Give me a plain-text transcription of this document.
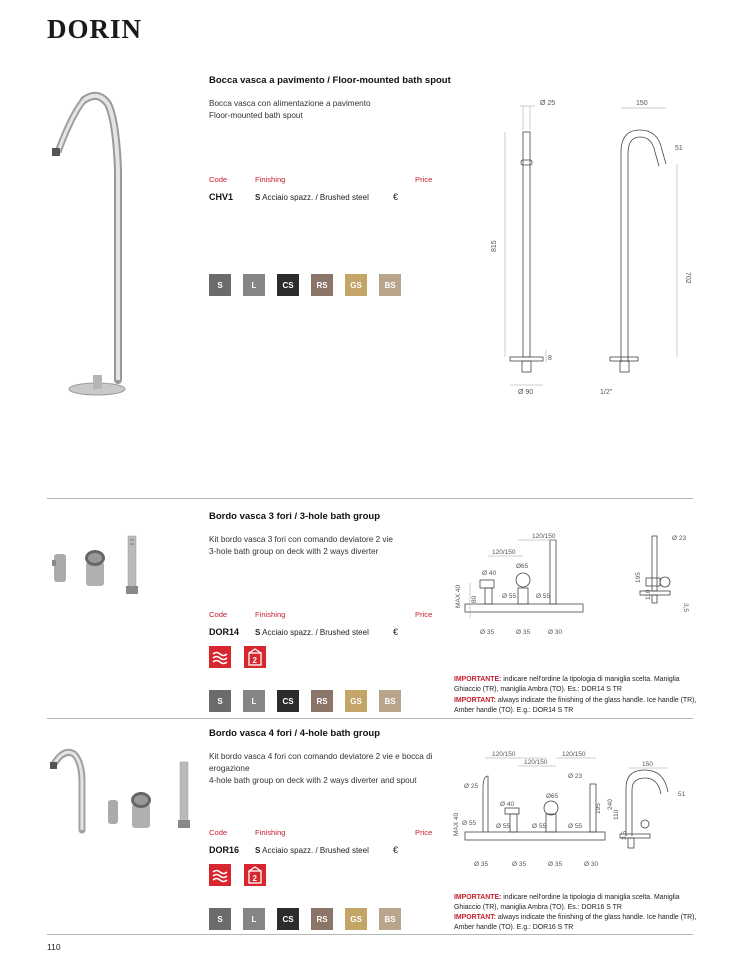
DORIN
Bocca vasca a pavimento / Floor-mounted bath spout
Bocca vasca con alimentazione a pavimento
Floor-mounted bath spout
Code	Finishing	Price
CHV1	S Acciaio spazz. / Brushed steel	€
S	L	CS	RS	GS	BS
Ø 25	150
51
815
702
8
Ø 90	1/2"
Bordo vasca 3 fori / 3-hole bath group
Kit bordo vasca 3 fori con comando deviatore 2 vie
3-hole bath group on deck with 2 ways diverter
Code	Finishing	Price
DOR14 S Acciaio spazz. / Brushed steel	€
2
S	L	CS	RS	GS	BS
120/150
120/150
Ø65
Ø 40
80
MAX 40	Ø 55	Ø 55
Ø 35	Ø 35	Ø 30
Ø 23
195
110
3,5
IMPORTANTE: indicare nell'ordine la tipologia di maniglia scelta. Maniglia Ghiaccio (TR), maniglia Ambra (TO). Es.: DOR14 S TR
IMPORTANT: always indicate the finishing of the glass handle. Ice handle (TR), Amber handle (TO). E.g.: DOR14 S TR
Bordo vasca 4 fori / 4-hole bath group
Kit bordo vasca 4 fori con comando deviatore 2 vie e bocca di erogazione
4-hole bath group on deck with 2 ways diverter and spout
Code	Finishing	Price
DOR16 S Acciaio spazz. / Brushed steel	€
2
S	L	CS	RS	GS	BS
120/150
120/150
120/150
Ø 23
Ø 25
Ø65
Ø 40
MAX 40 Ø 55	Ø 55	Ø 55	Ø 55
Ø 35	Ø 35	Ø 35	Ø 30
195
110
240
3,5
150
51
IMPORTANTE: indicare nell'ordine la tipologia di maniglia scelta. Maniglia Ghiaccio (TR), maniglia Ambra (TO). Es.: DOR16 S TR
IMPORTANT: always indicate the finishing of the glass handle. Ice handle (TR), Amber handle (TO). E.g.: DOR16 S TR
110
